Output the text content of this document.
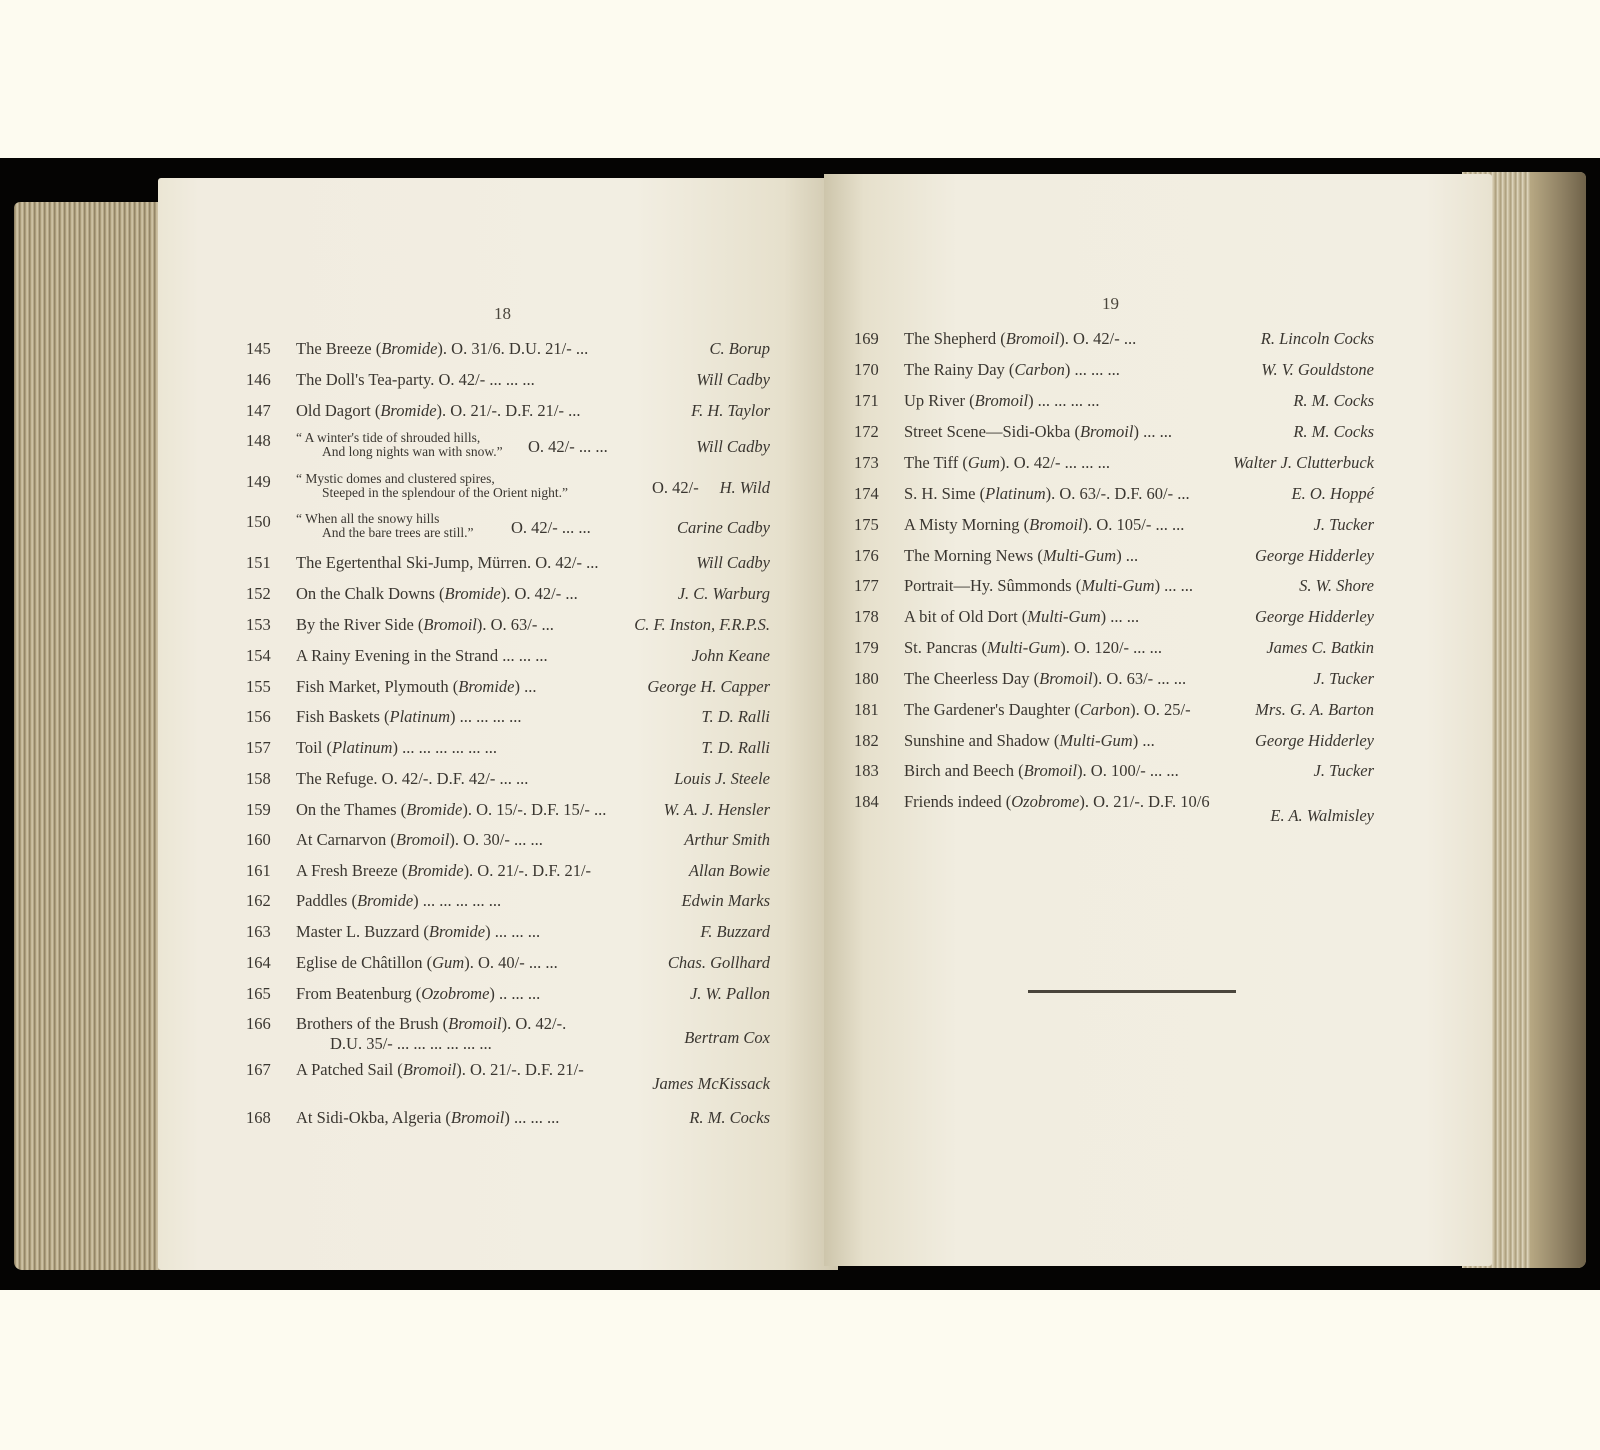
18
19
145 The Breeze (Bromide). O. 31/6. D.U. 21/- ...	C. Borup
146 The Doll's Tea-party. O. 42/- ... ... ...	Will Cadby
147 Old Dagort (Bromide). O. 21/-. D.F. 21/- ...	F. H. Taylor
148 “ A winter's tide of shrouded hills,
And long nights wan with snow.” O. 42/- ... ...	Will Cadby
149 “ Mystic domes and clustered spires,
Steeped in the splendour of the Orient night.”	O. 42/- H. Wild
150 “ When all the snowy hills
And the bare trees are still.” O. 42/- ... ...	Carine Cadby
151 The Egertenthal Ski-Jump, Mürren. O. 42/- ...	Will Cadby
152 On the Chalk Downs (Bromide). O. 42/- ...	J. C. Warburg
153 By the River Side (Bromoil). O. 63/- ...	C. F. Inston, F.R.P.S.
154 A Rainy Evening in the Strand ... ... ...	John Keane
155 Fish Market, Plymouth (Bromide) ...	George H. Capper
156 Fish Baskets (Platinum) ... ... ... ...	T. D. Ralli
157 Toil (Platinum) ... ... ... ... ... ...	T. D. Ralli
158 The Refuge. O. 42/-. D.F. 42/- ... ...	Louis J. Steele
159 On the Thames (Bromide). O. 15/-. D.F. 15/- ...	W. A. J. Hensler
160 At Carnarvon (Bromoil). O. 30/- ... ...	Arthur Smith
161 A Fresh Breeze (Bromide). O. 21/-. D.F. 21/-	Allan Bowie
162 Paddles (Bromide) ... ... ... ... ...	Edwin Marks
163 Master L. Buzzard (Bromide) ... ... ...	F. Buzzard
164 Eglise de Châtillon (Gum). O. 40/- ... ...	Chas. Gollhard
165 From Beatenburg (Ozobrome) .. ... ...	J. W. Pallon
166 Brothers of the Brush (Bromoil). O. 42/-.
D.U. 35/- ... ... ... ... ... ...	Bertram Cox
167 A Patched Sail (Bromoil). O. 21/-. D.F. 21/-
James McKissack
168 At Sidi-Okba, Algeria (Bromoil) ... ... ...	R. M. Cocks
169 The Shepherd (Bromoil). O. 42/- ...	R. Lincoln Cocks
170 The Rainy Day (Carbon) ... ... ...	W. V. Gouldstone
171 Up River (Bromoil) ... ... ... ...	R. M. Cocks
172 Street Scene—Sidi-Okba (Bromoil) ... ...	R. M. Cocks
173 The Tiff (Gum). O. 42/- ... ... ...	Walter J. Clutterbuck
174 S. H. Sime (Platinum). O. 63/-. D.F. 60/- ...	E. O. Hoppé
175 A Misty Morning (Bromoil). O. 105/- ... ...	J. Tucker
176 The Morning News (Multi-Gum) ...	George Hidderley
177 Portrait—Hy. Sûmmonds (Multi-Gum) ... ...	S. W. Shore
178 A bit of Old Dort (Multi-Gum) ... ...	George Hidderley
179 St. Pancras (Multi-Gum). O. 120/- ... ...	James C. Batkin
180 The Cheerless Day (Bromoil). O. 63/- ... ...	J. Tucker
181 The Gardener's Daughter (Carbon). O. 25/-	Mrs. G. A. Barton
182 Sunshine and Shadow (Multi-Gum) ...	George Hidderley
183 Birch and Beech (Bromoil). O. 100/- ... ...	J. Tucker
184 Friends indeed (Ozobrome). O. 21/-. D.F. 10/6
E. A. Walmisley
